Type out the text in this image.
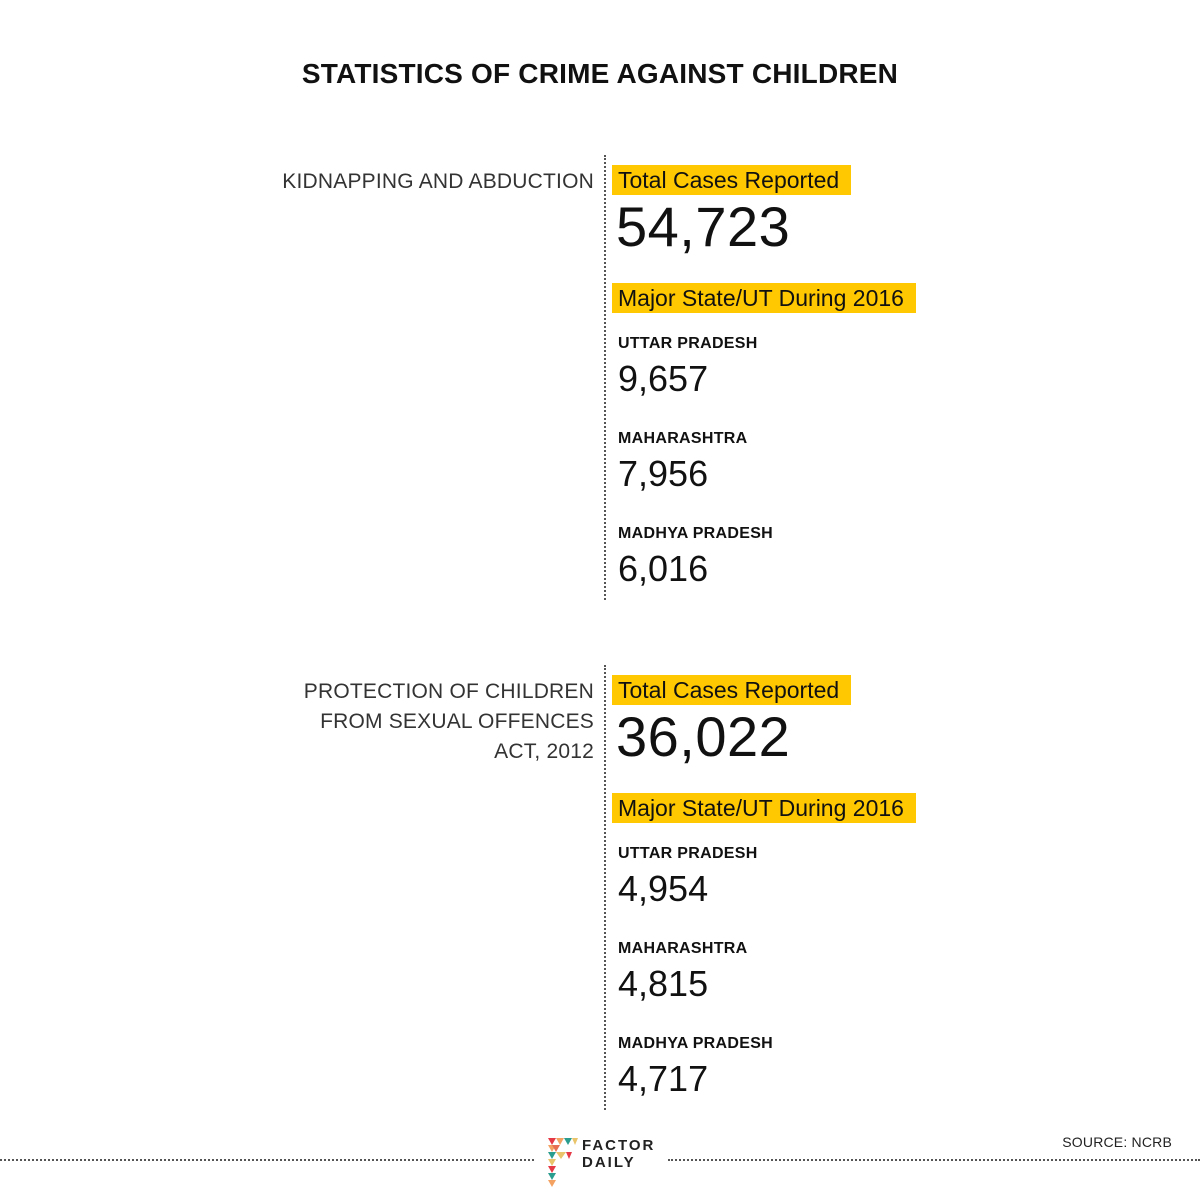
STATISTICS OF CRIME AGAINST CHILDREN
KIDNAPPING AND ABDUCTION Total Cases Reported
54,723
Major State/UT During 2016
UTTAR PRADESH
9,657
MAHARASHTRA
7,956
MADHYA PRADESH
6,016
PROTECTION OF CHILDREN FROM SEXUAL OFFENCES ACT, 2012
Total Cases Reported
36,022
Major State/UT During 2016
UTTAR PRADESH
4,954
MAHARASHTRA
4,815
MADHYA PRADESH
4,717
FACTOR
DAILY
SOURCE: NCRB
